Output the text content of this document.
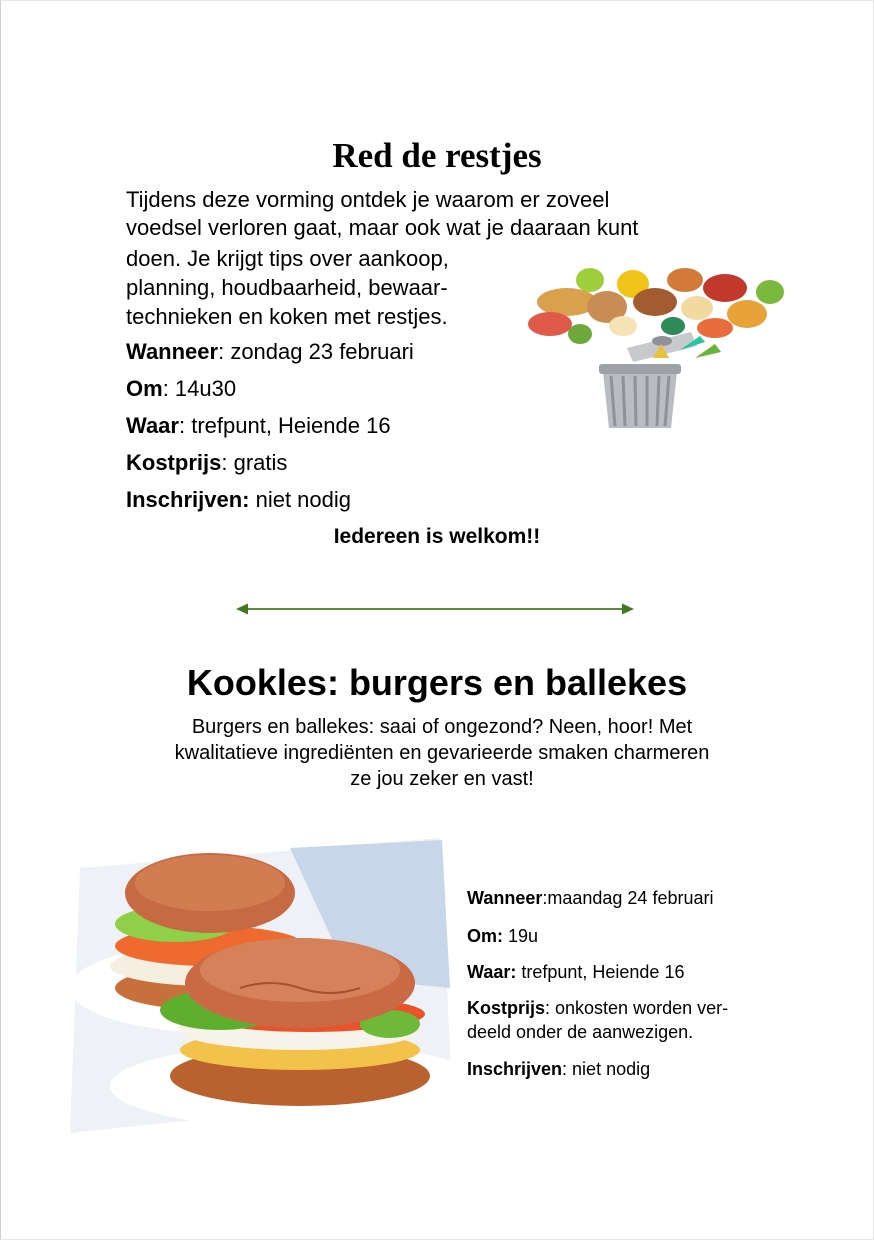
Red de restjes
Tijdens deze vorming ontdek je waarom er zoveel
voedsel verloren gaat, maar ook wat je daaraan kunt
doen. Je krijgt tips over aankoop,
planning, houdbaarheid, bewaar-
technieken en koken met restjes.
Wanneer: zondag 23 februari
Om: 14u30
Waar: trefpunt, Heiende 16
Kostprijs: gratis
Inschrijven: niet nodig
Iedereen is welkom!!
Kookles: burgers en ballekes
Burgers en ballekes: saai of ongezond? Neen, hoor! Met
kwalitatieve ingrediënten en gevarieerde smaken charmeren
ze jou zeker en vast!
Wanneer:maandag 24 februari
Om: 19u
Waar: trefpunt, Heiende 16
Kostprijs: onkosten worden ver-
deeld onder de aanwezigen.
Inschrijven: niet nodig
